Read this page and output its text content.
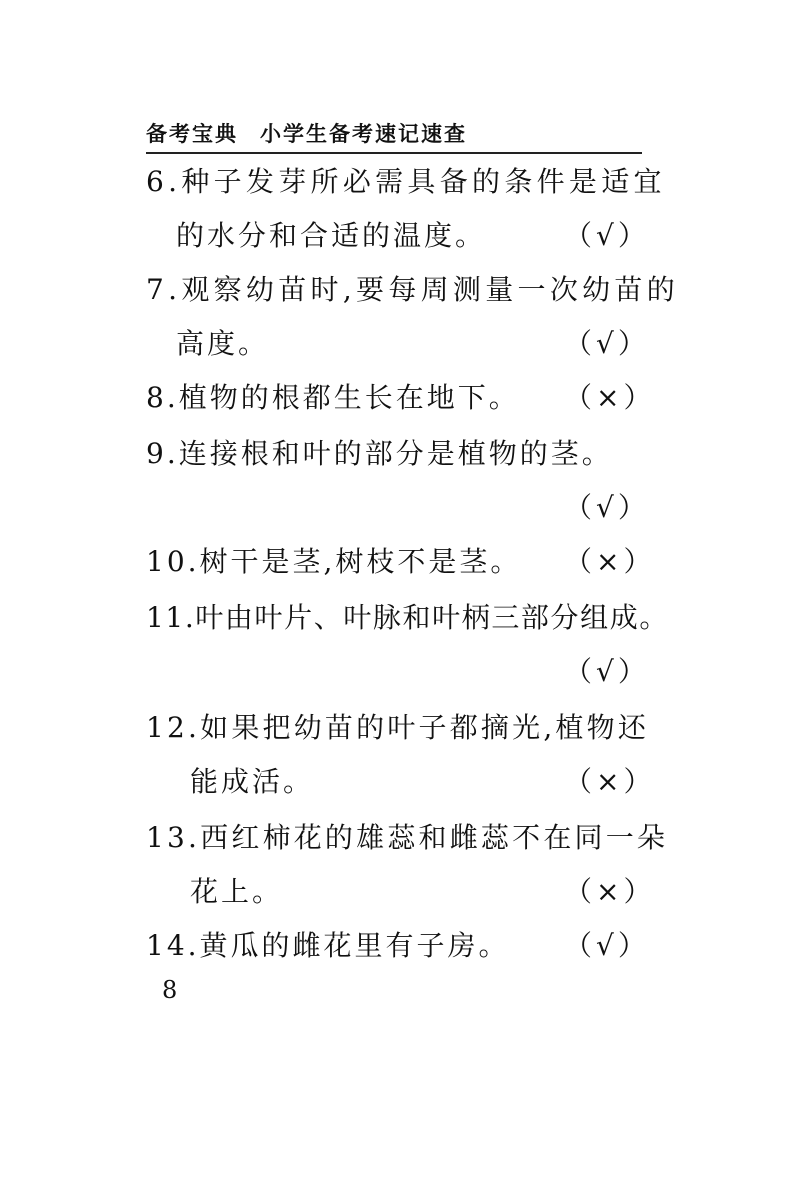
备考宝典 小学生备考速记速查
6.种子发芽所必需具备的条件是适宜
的水分和合适的温度。	（√）
7.观察幼苗时,要每周测量一次幼苗的
高度。	（√）
8.植物的根都生长在地下。 （×）
9.连接根和叶的部分是植物的茎。
（√）
10.树干是茎,树枝不是茎。 （×）
11.叶由叶片、叶脉和叶柄三部分组成。
（√）
12.如果把幼苗的叶子都摘光,植物还
能成活。	（×）
13.西红柿花的雄蕊和雌蕊不在同一朵
花上。	（×）
14.黄瓜的雌花里有子房。 （√）
8
